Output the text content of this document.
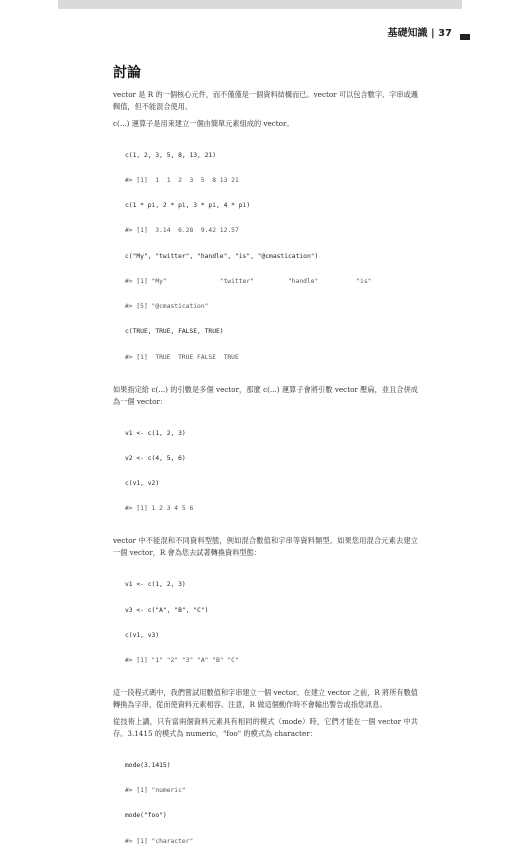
基礎知識 | 37
討論

vector 是 R 的一個核心元件，而不僅僅是一個資料結構而已。vector 可以包含數字、字串或邏輯值，但不能混合使用。

c(...) 運算子是用來建立一個由簡單元素組成的 vector。

c(1, 2, 3, 5, 8, 13, 21)

#> [1]  1  1  2  3  5  8 13 21

c(1 * pi, 2 * pi, 3 * pi, 4 * pi)

#> [1]  3.14  6.28  9.42 12.57

c("My", "twitter", "handle", "is", "@cmastication")

#> [1] "My"              "twitter"         "handle"          "is"

#> [5] "@cmastication"

c(TRUE, TRUE, FALSE, TRUE)

#> [1]  TRUE  TRUE FALSE  TRUE

如果指定給 c(...) 的引數是多個 vector，那麼 c(...) 運算子會將引數 vector 壓扁，並且合併成為一個 vector：

v1 <- c(1, 2, 3)

v2 <- c(4, 5, 6)

c(v1, v2)

#> [1] 1 2 3 4 5 6

vector 中不能混和不同資料型態，例如混合數值和字串等資料類型。如果您用混合元素去建立一個 vector，R 會為您去試著轉換資料型態：

v1 <- c(1, 2, 3)

v3 <- c("A", "B", "C")

c(v1, v3)

#> [1] "1" "2" "3" "A" "B" "C"

這一段程式碼中，我們嘗試用數值和字串建立一個 vector。在建立 vector 之前，R 將所有數值轉換為字串，從而使資料元素相容。注意，R 做這個動作時不會輸出警告或指您訊息。

從技術上講，只有當兩個資料元素具有相同的模式（mode）時，它們才能在一個 vector 中共存。3.1415 的模式為 numeric，"foo" 的模式為 character：

mode(3.1415)

#> [1] "numeric"

mode("foo")

#> [1] "character"
